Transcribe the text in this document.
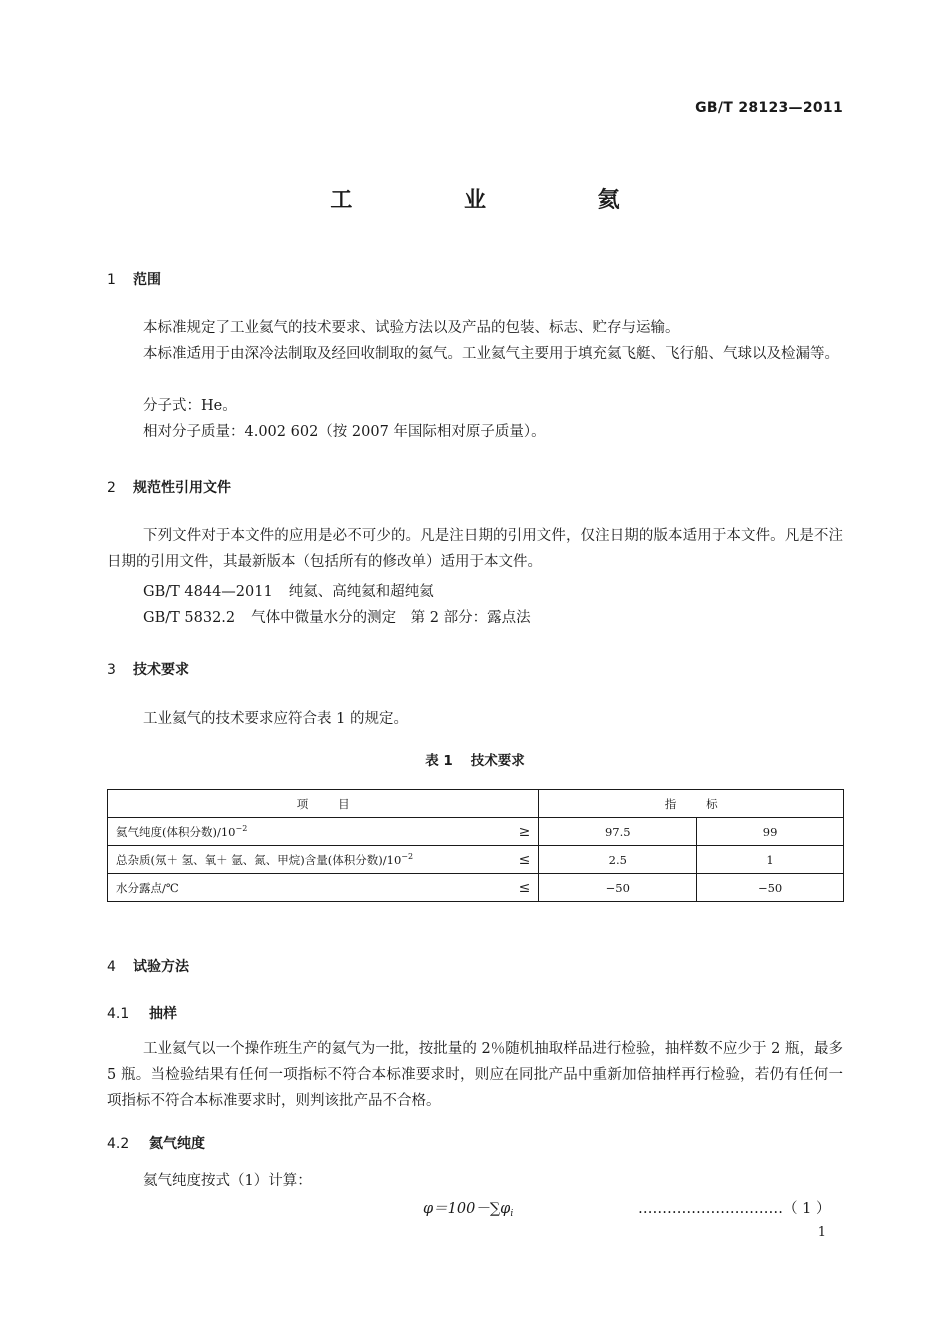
GB/T 28123—2011
工 业 氦
1 范围
本标准规定了工业氦气的技术要求、试验方法以及产品的包装、标志、贮存与运输。
本标准适用于由深冷法制取及经回收制取的氦气。工业氦气主要用于填充氦飞艇、飞行船、气球以及检漏等。
分子式：He。
相对分子质量：4.002 602（按 2007 年国际相对原子质量）。
2 规范性引用文件
下列文件对于本文件的应用是必不可少的。凡是注日期的引用文件，仅注日期的版本适用于本文件。凡是不注日期的引用文件，其最新版本（包括所有的修改单）适用于本文件。
GB/T 4844—2011 纯氦、高纯氦和超纯氦
GB/T 5832.2 气体中微量水分的测定　第 2 部分：露点法
3 技术要求
工业氦气的技术要求应符合表 1 的规定。
表 1 技术要求
项目	指标	
氦气纯度(体积分数)$/10^{-2}$ ≥	97.5	99
总杂质(氖＋ 氢、氧＋ 氩、氮、甲烷)含量(体积分数)$/10^{-2}$ ≤	2.5	1
水分露点/℃ ≤	−50	−50
4 试验方法
4.1 抽样
工业氦气以一个操作班生产的氦气为一批，按批量的 2％随机抽取样品进行检验，抽样数不应少于 2 瓶，最多 5 瓶。当检验结果有任何一项指标不符合本标准要求时，则应在同批产品中重新加倍抽样再行检验，若仍有任何一项指标不符合本标准要求时，则判该批产品不合格。
4.2 氦气纯度
氦气纯度按式（1）计算：
$\varphi=100-\sum\varphi_i$	…………………………（ 1 ）
1
